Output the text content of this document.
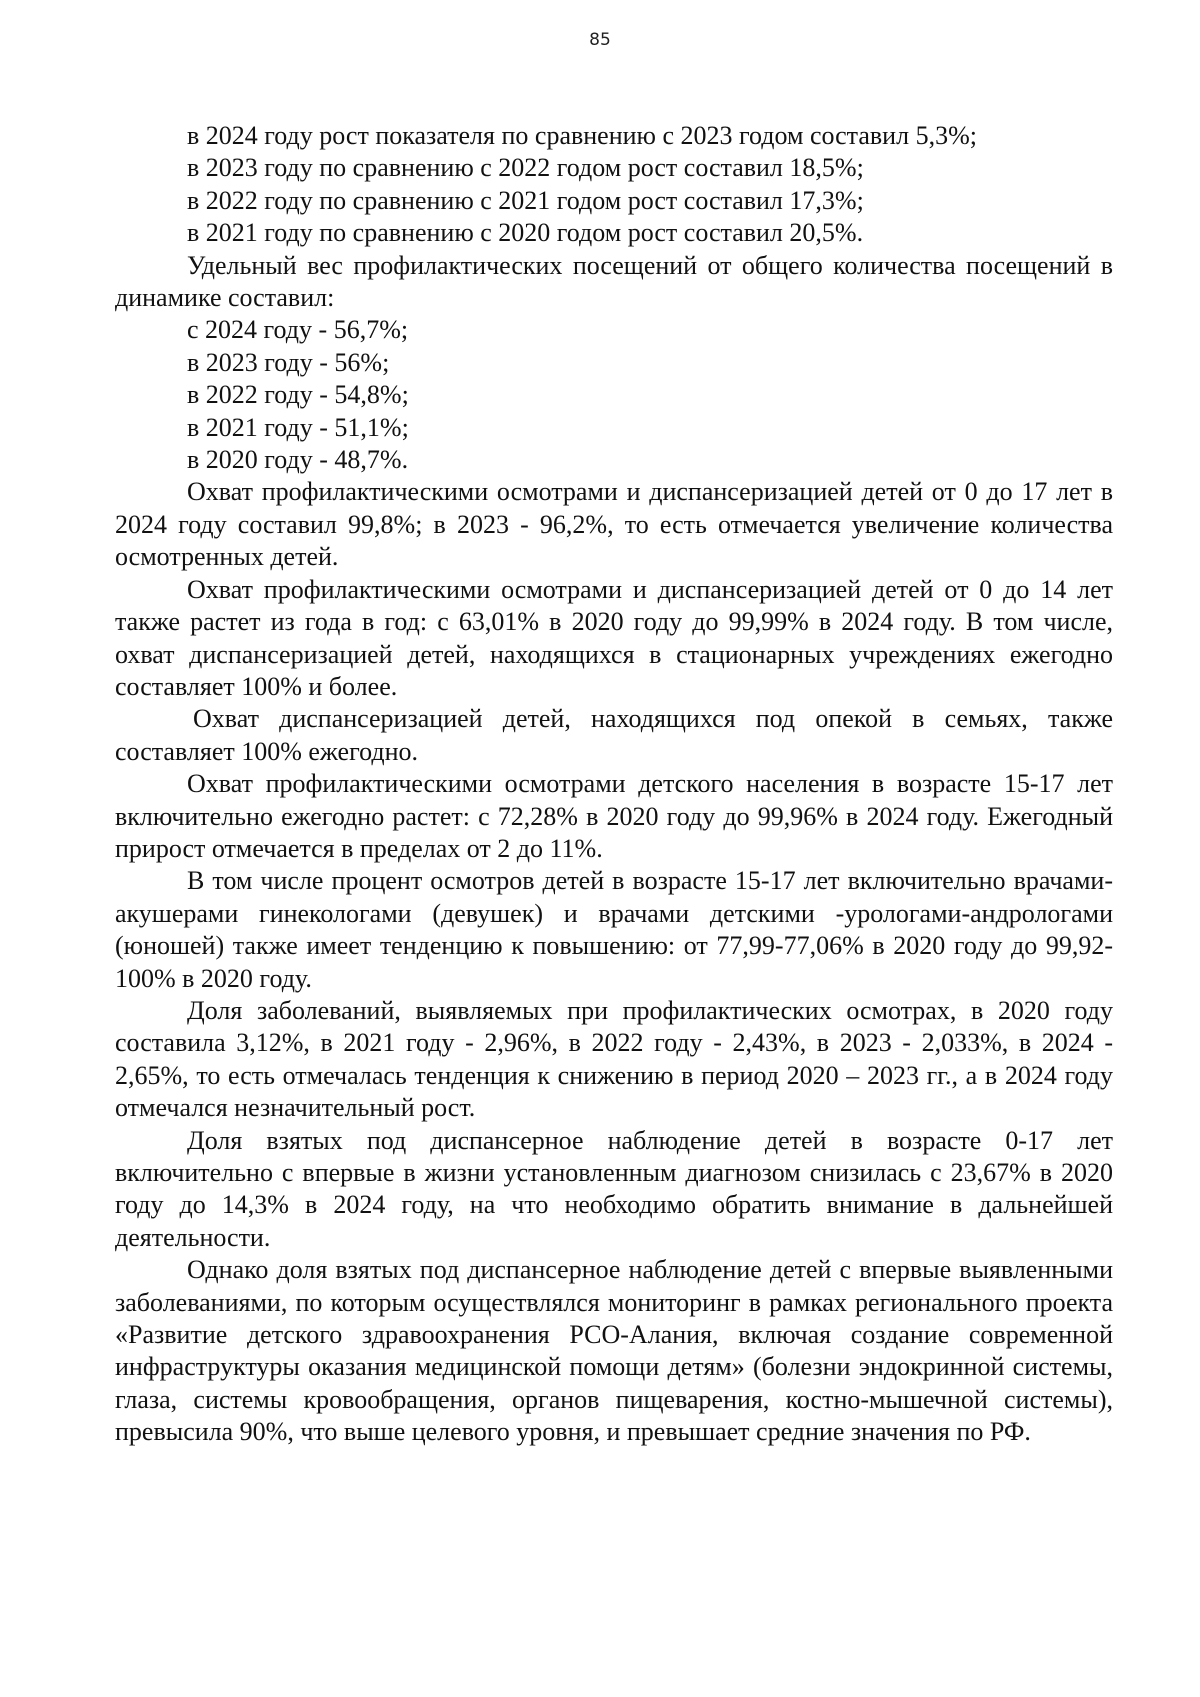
85

в 2024 году рост показателя по сравнению с 2023 годом составил 5,3%;

в 2023 году по сравнению с 2022 годом рост составил 18,5%;

в 2022 году по сравнению с 2021 годом рост составил 17,3%;

в 2021 году по сравнению с 2020 годом рост составил 20,5%.

Удельный вес профилактических посещений от общего количества посещений в динамике составил:

с 2024 году - 56,7%;

в 2023 году - 56%;

в 2022 году - 54,8%;

в 2021 году - 51,1%;

в 2020 году - 48,7%.

Охват профилактическими осмотрами и диспансеризацией детей от 0 до 17 лет в 2024 году составил 99,8%; в 2023 - 96,2%, то есть отмечается увеличение количества осмотренных детей.

Охват профилактическими осмотрами и диспансеризацией детей от 0 до 14 лет также растет из года в год: с 63,01% в 2020 году до 99,99% в 2024 году. В том числе, охват диспансеризацией детей, находящихся в стационарных учреждениях ежегодно составляет 100% и более.

Охват диспансеризацией детей, находящихся под опекой в семьях, также составляет 100% ежегодно.

Охват профилактическими осмотрами детского населения в возрасте 15-17 лет включительно ежегодно растет: с 72,28% в 2020 году до 99,96% в 2024 году. Ежегодный прирост отмечается в пределах от 2 до 11%.

В том числе процент осмотров детей в возрасте 15-17 лет включительно врачами-акушерами гинекологами (девушек) и врачами детскими -урологами-андрологами (юношей) также имеет тенденцию к повышению: от 77,99-77,06% в 2020 году до 99,92-100% в 2020 году.

Доля заболеваний, выявляемых при профилактических осмотрах, в 2020 году составила 3,12%, в 2021 году - 2,96%, в 2022 году - 2,43%, в 2023 - 2,033%, в 2024 - 2,65%, то есть отмечалась тенденция к снижению в период 2020 – 2023 гг., а в 2024 году отмечался незначительный рост.

Доля взятых под диспансерное наблюдение детей в возрасте 0-17 лет включительно с впервые в жизни установленным диагнозом снизилась с 23,67% в 2020 году до 14,3% в 2024 году, на что необходимо обратить внимание в дальнейшей деятельности.

Однако доля взятых под диспансерное наблюдение детей с впервые выявленными заболеваниями, по которым осуществлялся мониторинг в рамках регионального проекта «Развитие детского здравоохранения РСО-Алания, включая создание современной инфраструктуры оказания медицинской помощи детям» (болезни эндокринной системы, глаза, системы кровообращения, органов пищеварения, костно-мышечной системы), превысила 90%, что выше целевого уровня, и превышает средние значения по РФ.
